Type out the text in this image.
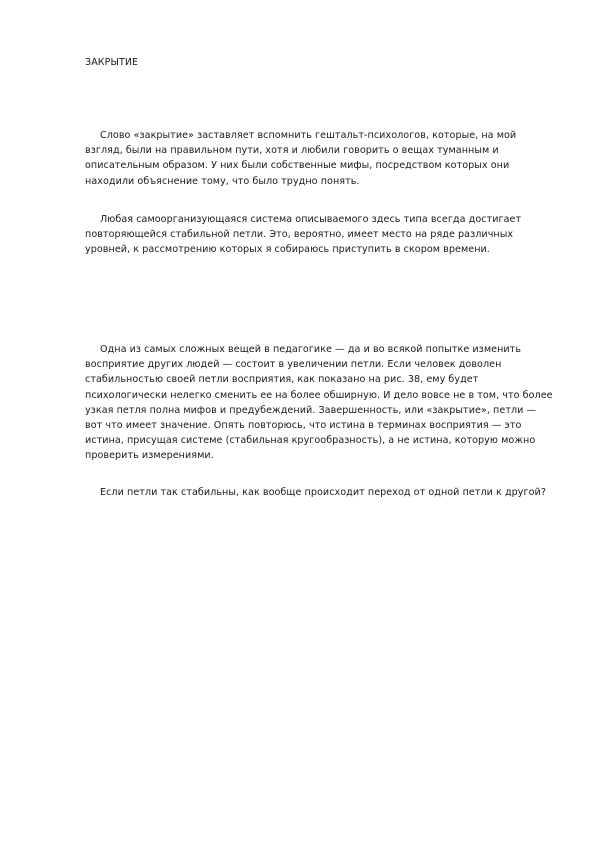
ЗАКРЫТИЕ

Слово «закрытие» заставляет вспомнить гештальт-психологов, которые, на мой взгляд, были на правильном пути, хотя и любили говорить о вещах туманным и описательным образом. У них были собственные мифы, посредством которых они находили объяснение тому, что было трудно понять.

Любая самоорганизующаяся система описываемого здесь типа всегда достигает повторяющейся стабильной петли. Это, вероятно, имеет место на ряде различных уровней, к рассмотрению которых я собираюсь приступить в скором времени.

Одна из самых сложных вещей в педагогике — да и во всякой попытке изменить восприятие других людей — состоит в увеличении петли. Если человек доволен стабильностью своей петли восприятия, как показано на рис. 38, ему будет психологически нелегко сменить ее на более обширную. И дело вовсе не в том, что более узкая петля полна мифов и предубеждений. Завершенность, или «закрытие», петли — вот что имеет значение. Опять повторюсь, что истина в терминах восприятия — это истина, присущая системе (стабильная кругообразность), а не истина, которую можно проверить измерениями.

Если петли так стабильны, как вообще происходит переход от одной петли к другой?
